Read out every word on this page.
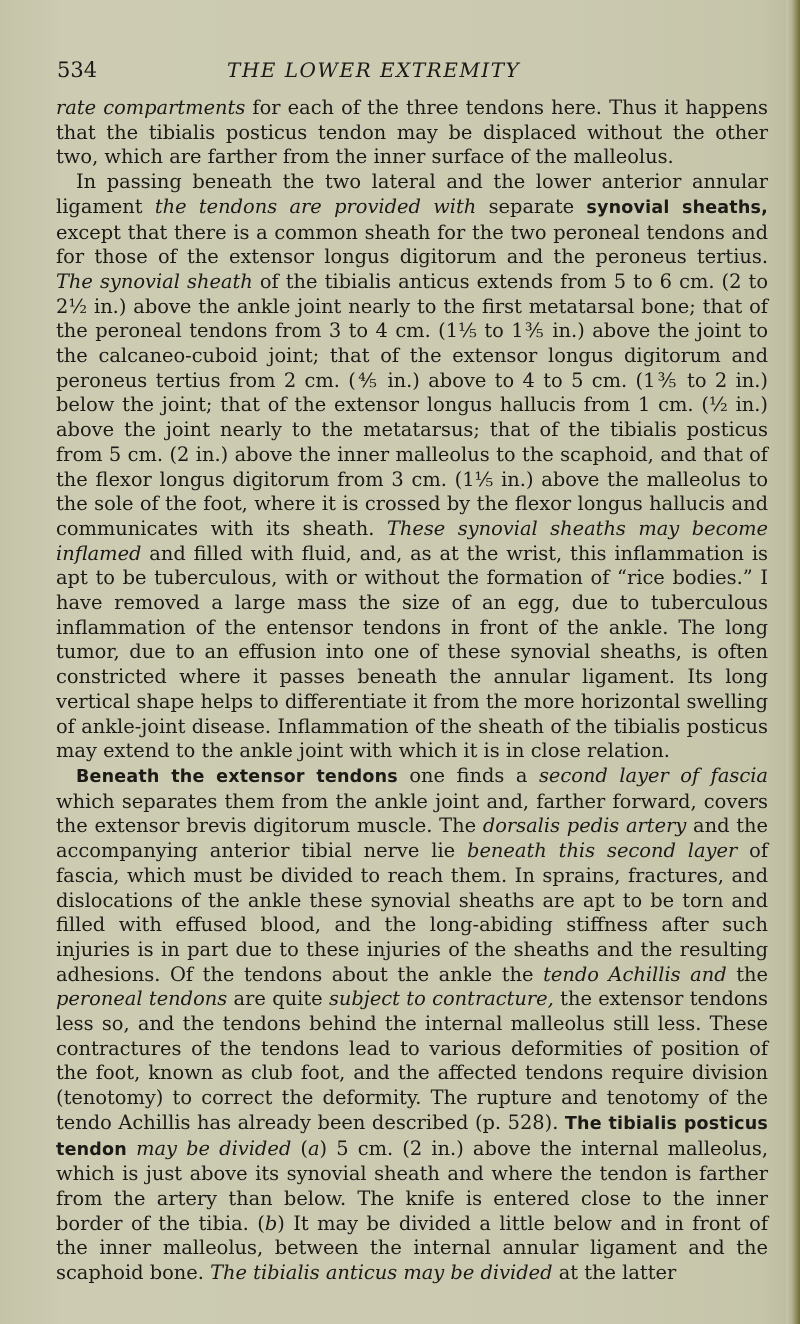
534	THE LOWER EXTREMITY

rate compartments for each of the three tendons here. Thus it happens that the tibialis posticus tendon may be displaced without the other two, which are farther from the inner surface of the malleolus.

In passing beneath the two lateral and the lower anterior annular ligament the tendons are provided with separate synovial sheaths, except that there is a common sheath for the two peroneal tendons and for those of the extensor longus digitorum and the peroneus tertius. The synovial sheath of the tibialis anticus extends from 5 to 6 cm. (2 to 2½ in.) above the ankle joint nearly to the first metatarsal bone; that of the peroneal tendons from 3 to 4 cm. (1⅕ to 1⅗ in.) above the joint to the calcaneo-cuboid joint; that of the extensor longus digitorum and peroneus tertius from 2 cm. (⅘ in.) above to 4 to 5 cm. (1⅗ to 2 in.) below the joint; that of the extensor longus hallucis from 1 cm. (½ in.) above the joint nearly to the metatarsus; that of the tibialis posticus from 5 cm. (2 in.) above the inner malleolus to the scaphoid, and that of the flexor longus digitorum from 3 cm. (1⅕ in.) above the malleolus to the sole of the foot, where it is crossed by the flexor longus hallucis and communicates with its sheath. These synovial sheaths may become inflamed and filled with fluid, and, as at the wrist, this inflammation is apt to be tuberculous, with or without the formation of “rice bodies.” I have removed a large mass the size of an egg, due to tuberculous inflammation of the entensor tendons in front of the ankle. The long tumor, due to an effusion into one of these synovial sheaths, is often constricted where it passes beneath the annular ligament. Its long vertical shape helps to differentiate it from the more horizontal swelling of ankle-joint disease. Inflammation of the sheath of the tibialis posticus may extend to the ankle joint with which it is in close relation.

Beneath the extensor tendons one finds a second layer of fascia which separates them from the ankle joint and, farther forward, covers the extensor brevis digitorum muscle. The dorsalis pedis artery and the accompanying anterior tibial nerve lie beneath this second layer of fascia, which must be divided to reach them. In sprains, fractures, and dislocations of the ankle these synovial sheaths are apt to be torn and filled with effused blood, and the long-abiding stiffness after such injuries is in part due to these injuries of the sheaths and the resulting adhesions. Of the tendons about the ankle the tendo Achillis and the peroneal tendons are quite subject to contracture, the extensor tendons less so, and the tendons behind the internal malleolus still less. These contractures of the tendons lead to various deformities of position of the foot, known as club foot, and the affected tendons require division (tenotomy) to correct the deformity. The rupture and tenotomy of the tendo Achillis has already been described (p. 528). The tibialis posticus tendon may be divided (a) 5 cm. (2 in.) above the internal malleolus, which is just above its synovial sheath and where the tendon is farther from the artery than below. The knife is entered close to the inner border of the tibia. (b) It may be divided a little below and in front of the inner malleolus, between the internal annular ligament and the scaphoid bone. The tibialis anticus may be divided at the latter
